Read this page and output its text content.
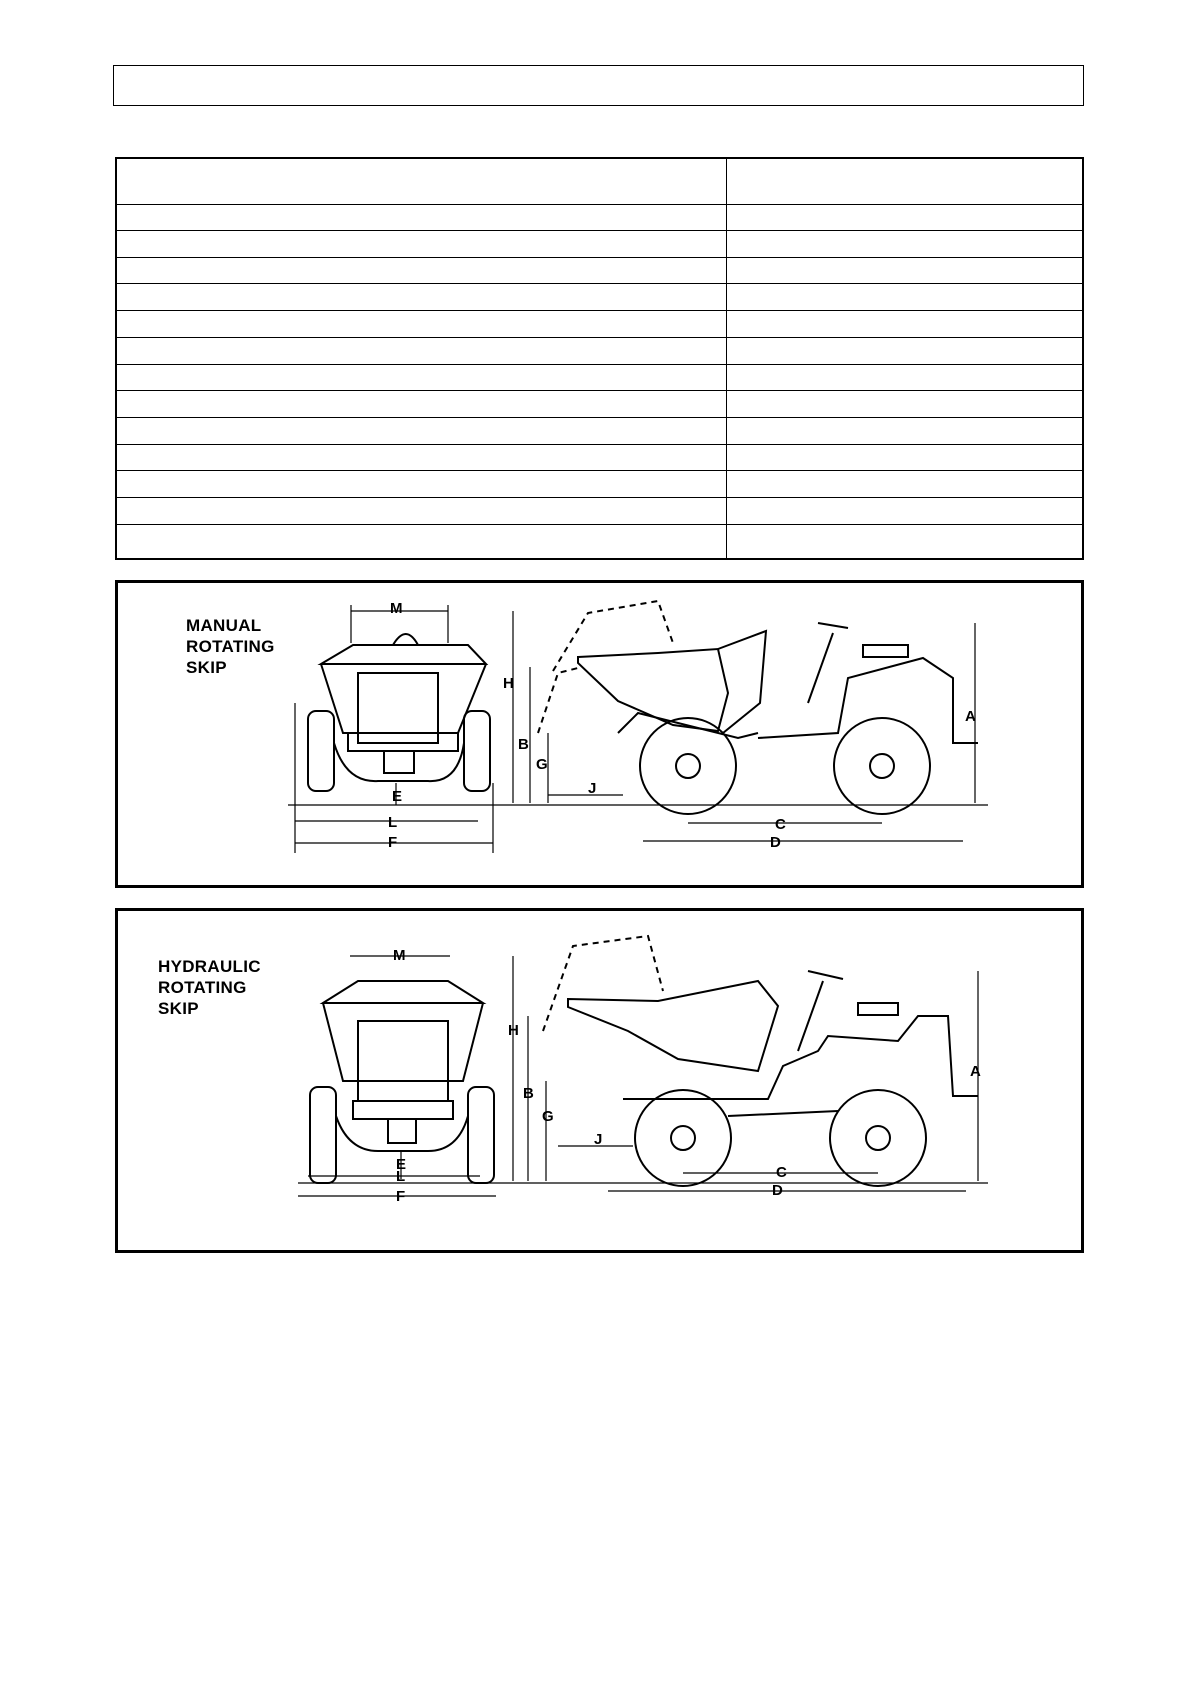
MANUAL
ROTATING
SKIP
M
H
B
G
J
E
L
F
C
D
A
HYDRAULIC
ROTATING
SKIP
M
H
B
G
J
E
L
F
C
D
A
